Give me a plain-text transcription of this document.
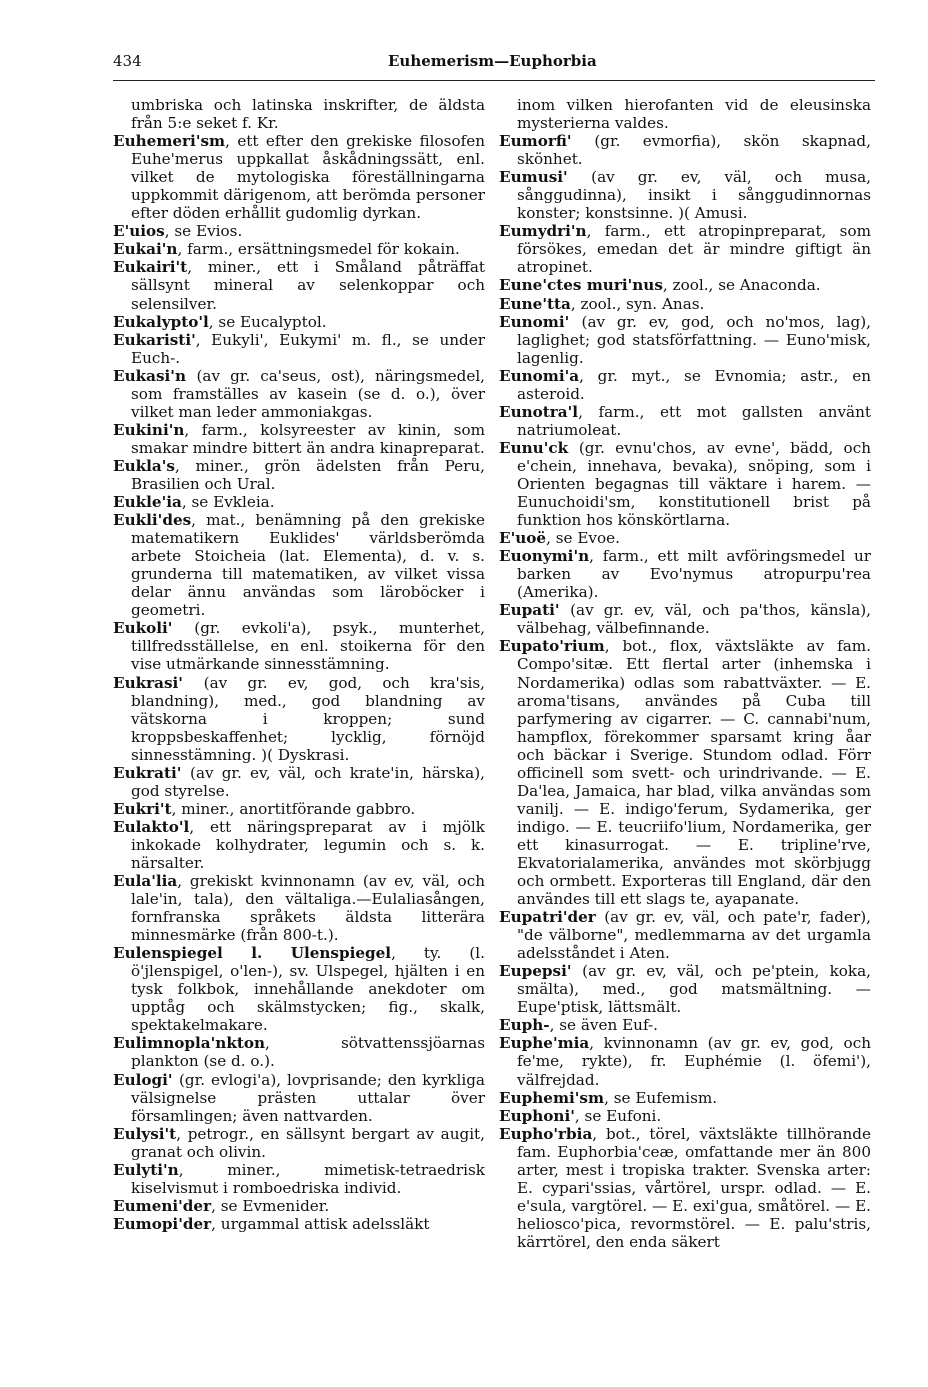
434	Euhemerism—Euphorbia

umbriska och latinska inskrifter, de äldsta från 5:e seket f. Kr.

Euhemeri'sm, ett efter den grekiske filosofen Euhe'merus uppkallat åskådningssätt, enl. vilket de mytologiska föreställningarna uppkommit därigenom, att berömda personer efter döden erhållit gudomlig dyrkan.

E'uios, se Evios.

Eukai'n, farm., ersättningsmedel för kokain.

Eukairi't, miner., ett i Småland påträffat sällsynt mineral av selenkoppar och selensilver.

Eukalypto'l, se Eucalyptol.

Eukaristi', Eukyli', Eukymi' m. fl., se under Euch-.

Eukasi'n (av gr. ca'seus, ost), näringsmedel, som framställes av kasein (se d. o.), över vilket man leder ammoniakgas.

Eukini'n, farm., kolsyreester av kinin, som smakar mindre bittert än andra kinapreparat.

Eukla's, miner., grön ädelsten från Peru, Brasilien och Ural.

Eukle'ia, se Evkleia.

Eukli'des, mat., benämning på den grekiske matematikern Euklides' världsberömda arbete Stoicheia (lat. Elementa), d. v. s. grunderna till matematiken, av vilket vissa delar ännu användas som läroböcker i geometri.

Eukoli' (gr. evkoli'a), psyk., munterhet, tillfredsställelse, en enl. stoikerna för den vise utmärkande sinnesstämning.

Eukrasi' (av gr. ev, god, och kra'sis, blandning), med., god blandning av vätskorna i kroppen; sund kroppsbeskaffenhet; lycklig, förnöjd sinnesstämning. )( Dyskrasi.

Eukrati' (av gr. ev, väl, och krate'in, härska), god styrelse.

Eukri't, miner., anortitförande gabbro.

Eulakto'l, ett näringspreparat av i mjölk inkokade kolhydrater, legumin och s. k. närsalter.

Eula'lia, grekiskt kvinnonamn (av ev, väl, och lale'in, tala), den vältaliga.—Eulaliasången, fornfranska språkets äldsta litterära minnesmärke (från 800-t.).

Eulenspiegel l. Ulenspiegel, ty. (l. ö'jlenspigel, o'len-), sv. Ulspegel, hjälten i en tysk folkbok, innehållande anekdoter om upptåg och skälmstycken; fig., skalk, spektakelmakare.

Eulimnopla'nkton, sötvattenssjöarnas plankton (se d. o.).

Eulogi' (gr. evlogi'a), lovprisande; den kyrkliga välsignelse prästen uttalar över församlingen; även nattvarden.

Eulysi't, petrogr., en sällsynt bergart av augit, granat och olivin.

Eulyti'n, miner., mimetisk-tetraedrisk kiselvismut i romboedriska individ.

Eumeni'der, se Evmenider.

Eumopi'der, urgammal attisk adelssläkt

inom vilken hierofanten vid de eleusinska mysterierna valdes.

Eumorfi' (gr. evmorfia), skön skapnad, skönhet.

Eumusi' (av gr. ev, väl, och musa, sånggudinna), insikt i sånggudinnornas konster; konstsinne. )( Amusi.

Eumydri'n, farm., ett atropinpreparat, som försökes, emedan det är mindre giftigt än atropinet.

Eune'ctes muri'nus, zool., se Anaconda.

Eune'tta, zool., syn. Anas.

Eunomi' (av gr. ev, god, och no'mos, lag), laglighet; god statsförfattning. — Euno'misk, lagenlig.

Eunomi'a, gr. myt., se Evnomia; astr., en asteroid.

Eunotra'l, farm., ett mot gallsten använt natriumoleat.

Eunu'ck (gr. evnu'chos, av evne', bädd, och e'chein, innehava, bevaka), snöping, som i Orienten begagnas till väktare i harem. — Eunuchoidi'sm, konstitutionell brist på funktion hos könskörtlarna.

E'uoë, se Evoe.

Euonymi'n, farm., ett milt avföringsmedel ur barken av Evo'nymus atropurpu'rea (Amerika).

Eupati' (av gr. ev, väl, och pa'thos, känsla), välbehag, välbefinnande.

Eupato'rium, bot., flox, växtsläkte av fam. Compo'sitæ. Ett flertal arter (inhemska i Nordamerika) odlas som rabattväxter. — E. aroma'tisans, användes på Cuba till parfymering av cigarrer. — C. cannabi'num, hampflox, förekommer sparsamt kring åar och bäckar i Sverige. Stundom odlad. Förr officinell som svett- och urindrivande. — E. Da'lea, Jamaica, har blad, vilka användas som vanilj. — E. indigo'ferum, Sydamerika, ger indigo. — E. teucriifo'lium, Nordamerika, ger ett kinasurrogat. — E. tripline'rve, Ekvatorialamerika, användes mot skörbjugg och ormbett. Exporteras till England, där den användes till ett slags te, ayapanate.

Eupatri'der (av gr. ev, väl, och pate'r, fader), "de välborne", medlemmarna av det urgamla adelsståndet i Aten.

Eupepsi' (av gr. ev, väl, och pe'ptein, koka, smälta), med., god matsmältning. — Eupe'ptisk, lättsmält.

Euph-, se även Euf-.

Euphe'mia, kvinnonamn (av gr. ev, god, och fe'me, rykte), fr. Euphémie (l. öfemi'), välfrejdad.

Euphemi'sm, se Eufemism.

Euphoni', se Eufoni.

Eupho'rbia, bot., törel, växtsläkte tillhörande fam. Euphorbia'ceæ, omfattande mer än 800 arter, mest i tropiska trakter. Svenska arter: E. cypari'ssias, vårtörel, urspr. odlad. — E. e'sula, vargtörel. — E. exi'gua, småtörel. — E. heliosco'pica, revormstörel. — E. palu'stris, kärrtörel, den enda säkert
